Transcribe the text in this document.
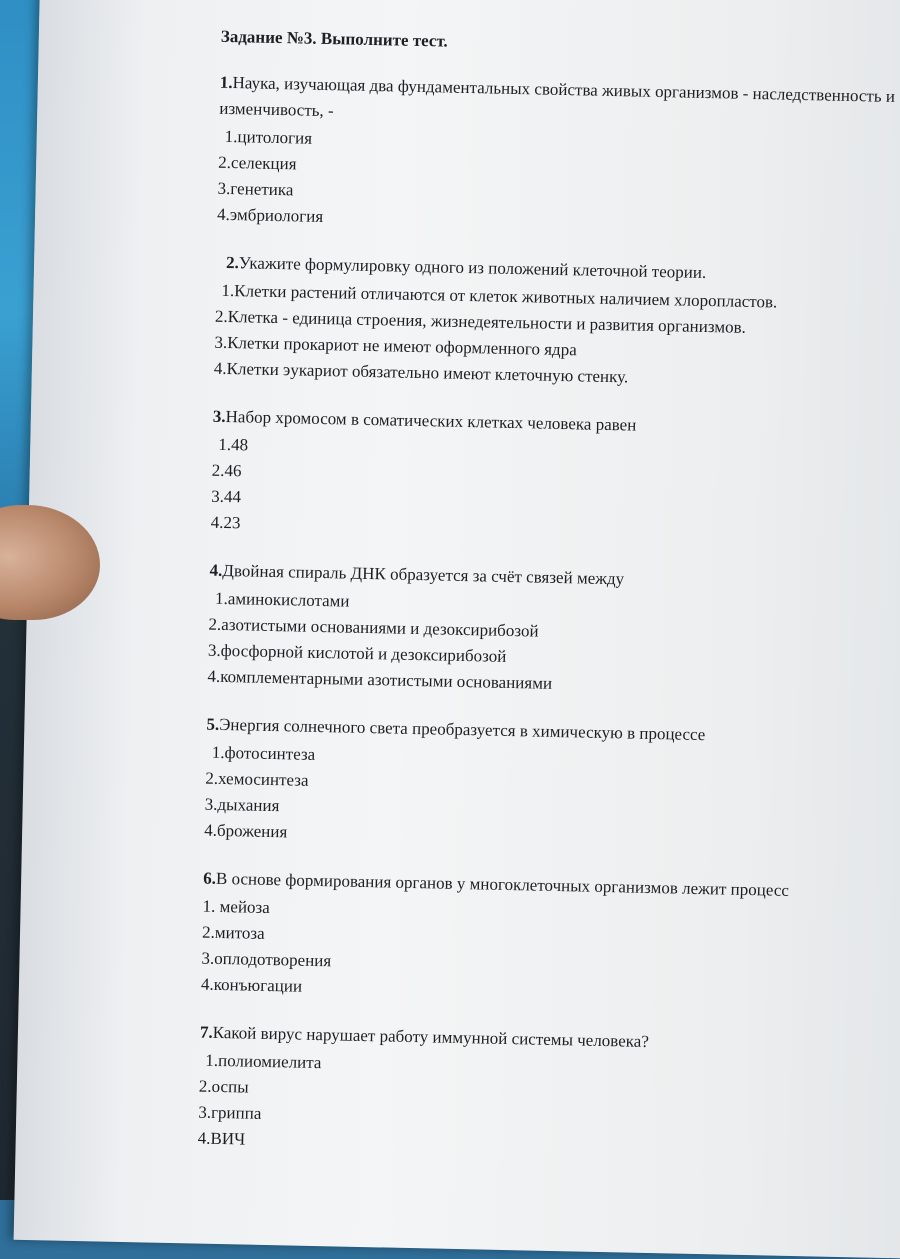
Задание №3. Выполните тест.
1.Наука, изучающая два фундаментальных свойства живых организмов - наследственность и изменчивость, -
1.цитология
2.селекция
3.генетика
4.эмбриология
2.Укажите формулировку одного из положений клеточной теории.
1.Клетки растений отличаются от клеток животных наличием хлоропластов.
2.Клетка - единица строения, жизнедеятельности и развития организмов.
3.Клетки прокариот не имеют оформленного ядра
4.Клетки эукариот обязательно имеют клеточную стенку.
3.Набор хромосом в соматических клетках человека равен
1.48
2.46
3.44
4.23
4.Двойная спираль ДНК образуется за счёт связей между
1.аминокислотами
2.азотистыми основаниями и дезоксирибозой
3.фосфорной кислотой и дезоксирибозой
4.комплементарными азотистыми основаниями
5.Энергия солнечного света преобразуется в химическую в процессе
1.фотосинтеза
2.хемосинтеза
3.дыхания
4.брожения
6.В основе формирования органов у многоклеточных организмов лежит процесс
1. мейоза
2.митоза
3.оплодотворения
4.конъюгации
7.Какой вирус нарушает работу иммунной системы человека?
1.полиомиелита
2.оспы
3.гриппа
4.ВИЧ
